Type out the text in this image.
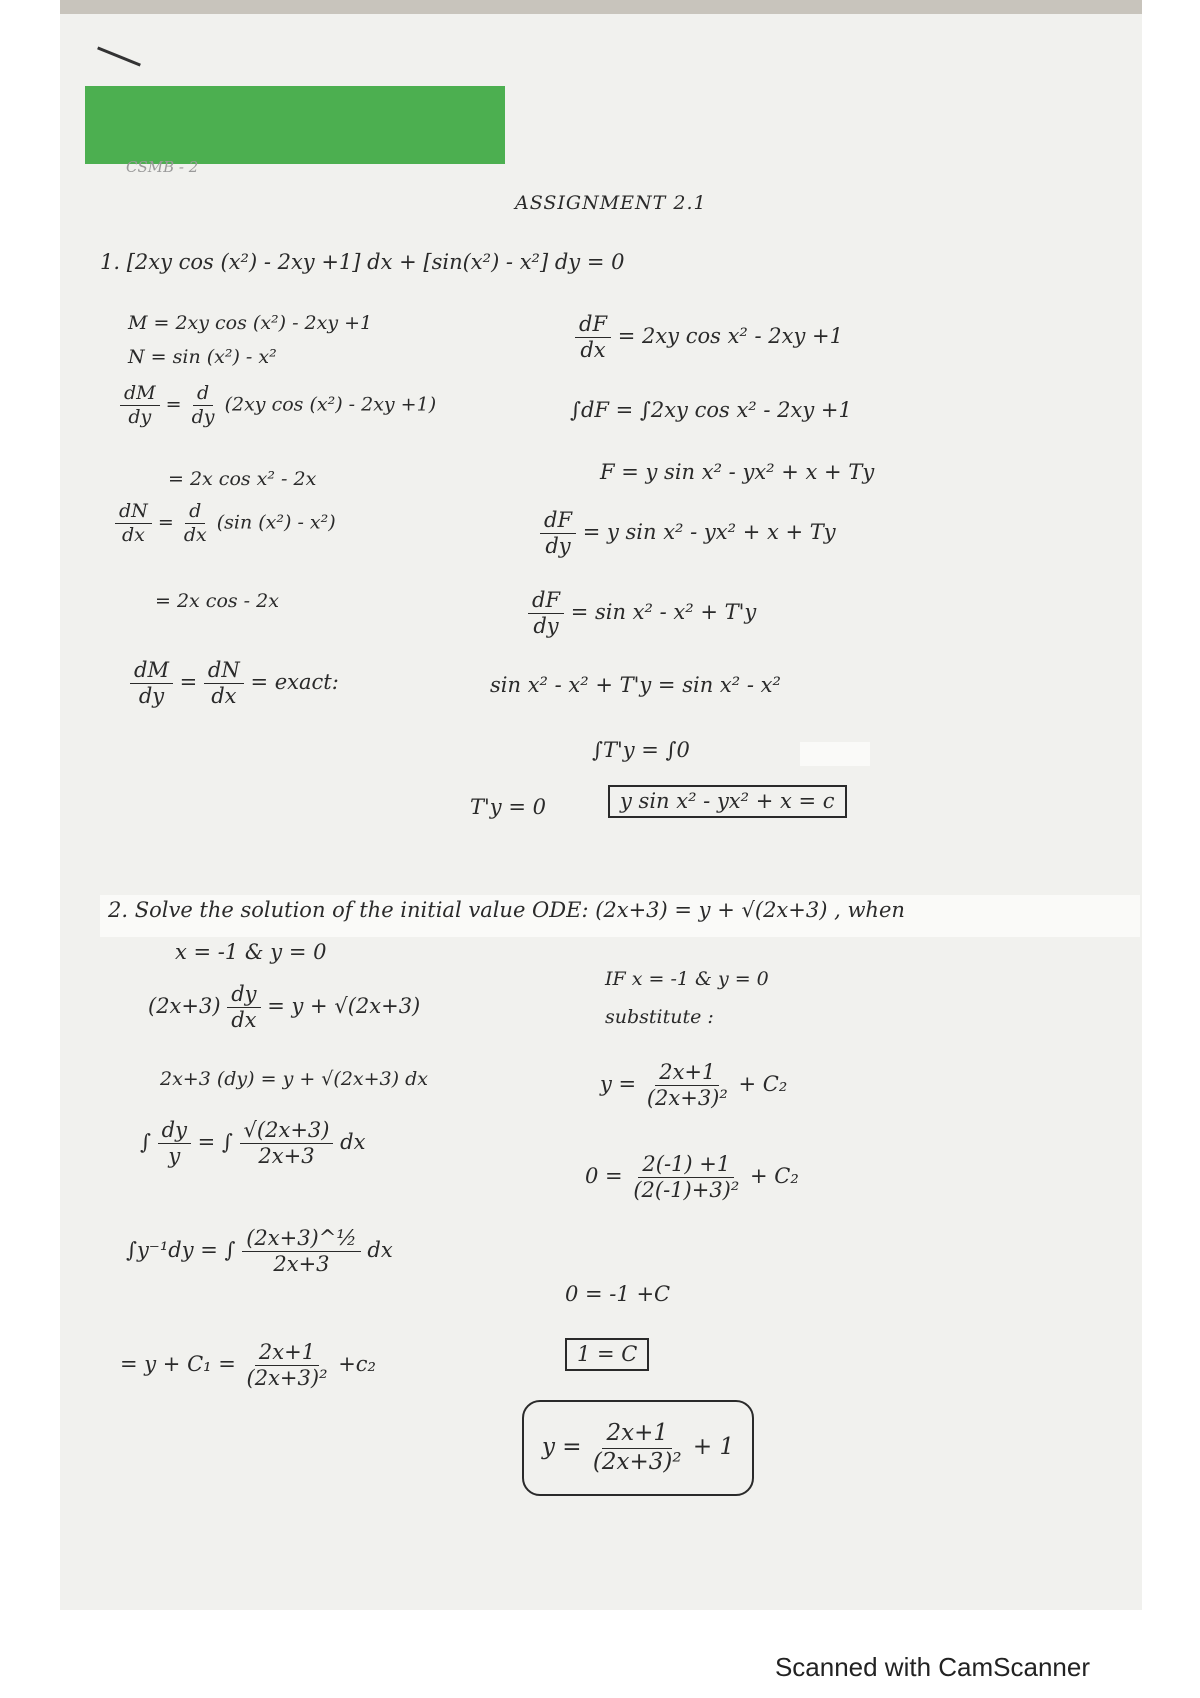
CSMB - 2
ASSIGNMENT 2.1
1. [2xy cos (x²) - 2xy +1] dx + [sin(x²) - x²] dy = 0
M = 2xy cos (x²) - 2xy +1
N = sin (x²) - x²
$\frac{dM}{dy} = \frac{d}{dy} (2xy$ cos (x²) - 2xy +1)
= 2x cos x² - 2x
$\frac{dN}{dx} = \frac{d}{dx} (\sin$ (x²) - x²)
= 2x cos - 2x
$\frac{dM}{dy} = \frac{dN}{dx}$ = exact:
$\frac{dF}{dx} = 2xy$ cos x² - 2xy +1
∫dF = ∫2xy cos x² - 2xy +1
F = y sin x² - yx² + x + Ty
$\frac{dF}{dy} = y$ sin x² - yx² + x + Ty
$\frac{dF}{dy} = \sin x^2 - x^2 + T'y$
sin x² - x² + T'y = sin x² - x²
∫T'y = ∫0
T'y = 0	y sin x² - yx² + x = c
2. Solve the solution of the initial value ODE: (2x+3) = y + √(2x+3) , when
x = -1 & y = 0
$(2x+3) \frac{dy}{dx} = y + √(2x+3)$
2x+3 (dy) = y + √(2x+3) dx
∫ $\frac{dy}{y}$ = ∫ $\frac{√(2x+3)}{2x+3}$ dx
∫y⁻¹dy = ∫ $\frac{\text{(2x+3)\textasciicircum{}½}}{2x+3}$ dx
= $y + C_1 = \frac{2x+1}{\text{(2x+3)²}} +c_2$
IF x = -1 & y = 0
substitute :
$y = \frac{2x+1}{\text{(2x+3)²}} + C_2$
$0 = \frac{2(-1) +1}{\text{(2(-1)+3)²}} + C_2$
0 = -1 +C
1 = C
$y = \frac{2x+1}{\text{(2x+3)²}} + 1$
Scanned with CamScanner
